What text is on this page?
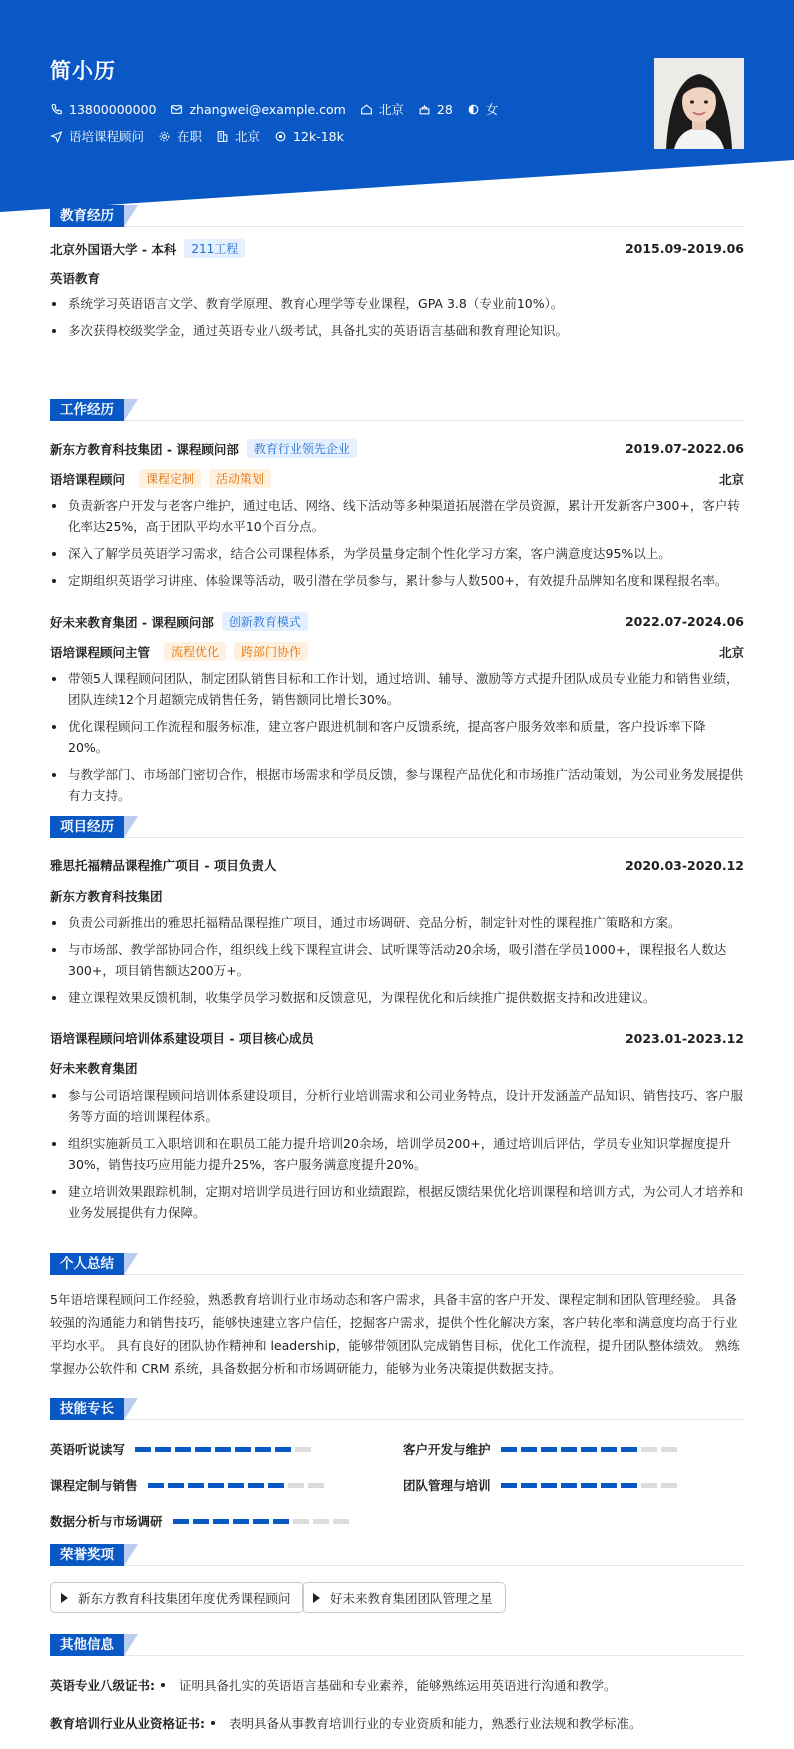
简小历
13800000000	zhangwei@example.com	北京	28	女
语培课程顾问	在职	北京	12k-18k
教育经历
北京外国语大学 - 本科	211工程	2015.09-2019.06
英语教育
系统学习英语语言文学、教育学原理、教育心理学等专业课程，GPA 3.8（专业前10%）。
多次获得校级奖学金，通过英语专业八级考试，具备扎实的英语语言基础和教育理论知识。
工作经历
新东方教育科技集团 - 课程顾问部	教育行业领先企业	2019.07-2022.06
语培课程顾问	课程定制	活动策划	北京
负责新客户开发与老客户维护，通过电话、网络、线下活动等多种渠道拓展潜在学员资源，累计开发新客户300+，客户转化率达25%，高于团队平均水平10个百分点。
深入了解学员英语学习需求，结合公司课程体系，为学员量身定制个性化学习方案，客户满意度达95%以上。
定期组织英语学习讲座、体验课等活动，吸引潜在学员参与，累计参与人数500+，有效提升品牌知名度和课程报名率。
好未来教育集团 - 课程顾问部	创新教育模式	2022.07-2024.06
语培课程顾问主管	流程优化	跨部门协作	北京
带领5人课程顾问团队，制定团队销售目标和工作计划，通过培训、辅导、激励等方式提升团队成员专业能力和销售业绩，团队连续12个月超额完成销售任务，销售额同比增长30%。
优化课程顾问工作流程和服务标准，建立客户跟进机制和客户反馈系统，提高客户服务效率和质量，客户投诉率下降20%。
与教学部门、市场部门密切合作，根据市场需求和学员反馈，参与课程产品优化和市场推广活动策划，为公司业务发展提供有力支持。
项目经历
雅思托福精品课程推广项目 - 项目负责人	2020.03-2020.12
新东方教育科技集团
负责公司新推出的雅思托福精品课程推广项目，通过市场调研、竞品分析，制定针对性的课程推广策略和方案。
与市场部、教学部协同合作，组织线上线下课程宣讲会、试听课等活动20余场，吸引潜在学员1000+，课程报名人数达300+，项目销售额达200万+。
建立课程效果反馈机制，收集学员学习数据和反馈意见，为课程优化和后续推广提供数据支持和改进建议。
语培课程顾问培训体系建设项目 - 项目核心成员	2023.01-2023.12
好未来教育集团
参与公司语培课程顾问培训体系建设项目，分析行业培训需求和公司业务特点，设计开发涵盖产品知识、销售技巧、客户服务等方面的培训课程体系。
组织实施新员工入职培训和在职员工能力提升培训20余场，培训学员200+，通过培训后评估，学员专业知识掌握度提升30%，销售技巧应用能力提升25%，客户服务满意度提升20%。
建立培训效果跟踪机制，定期对培训学员进行回访和业绩跟踪，根据反馈结果优化培训课程和培训方式，为公司人才培养和业务发展提供有力保障。
个人总结
5年语培课程顾问工作经验，熟悉教育培训行业市场动态和客户需求，具备丰富的客户开发、课程定制和团队管理经验。 具备较强的沟通能力和销售技巧，能够快速建立客户信任，挖掘客户需求，提供个性化解决方案，客户转化率和满意度均高于行业平均水平。 具有良好的团队协作精神和 leadership，能够带领团队完成销售目标，优化工作流程，提升团队整体绩效。 熟练掌握办公软件和 CRM 系统，具备数据分析和市场调研能力，能够为业务决策提供数据支持。
技能专长
英语听说读写	客户开发与维护
课程定制与销售	团队管理与培训
数据分析与市场调研
荣誉奖项
新东方教育科技集团年度优秀课程顾问	好未来教育集团团队管理之星
其他信息
英语专业八级证书: 证明具备扎实的英语语言基础和专业素养，能够熟练运用英语进行沟通和教学。
教育培训行业从业资格证书: 表明具备从事教育培训行业的专业资质和能力，熟悉行业法规和教学标准。
